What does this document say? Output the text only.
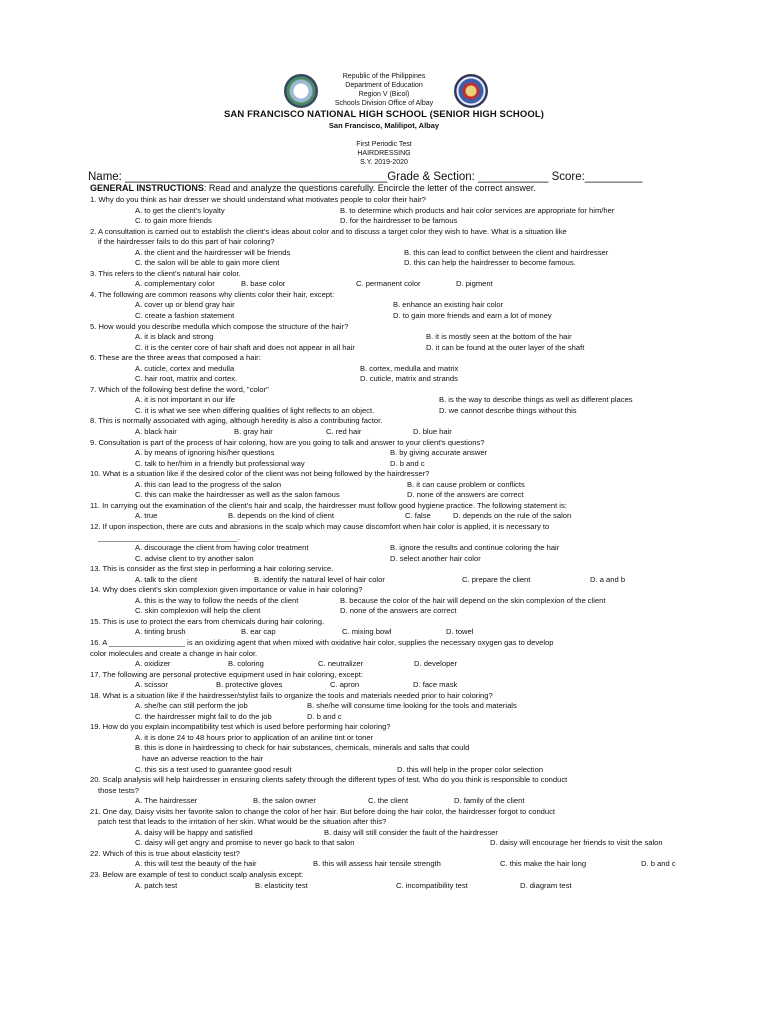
Republic of the Philippines
Department of Education
Region V (Bicol)
Schools Division Office of Albay
SAN FRANCISCO NATIONAL HIGH SCHOOL (SENIOR HIGH SCHOOL)
San Francisco, Malilipot, Albay
First Periodic Test
HAIRDRESSING
S.Y. 2019-2020
Name: _________________________________________Grade & Section: ___________ Score:_________
GENERAL INSTRUCTIONS: Read and analyze the questions carefully. Encircle the letter of the correct answer.
1. Why do you think as hair dresser we should understand what motivates people to color their hair?
A. to get the client's loyalty	B. to determine which products and hair color services are appropriate for him/her
C. to gain more friends	D. for the hairdresser to be famous
2. A consultation is carried out to establish the client's ideas about color and to discuss a target color they wish to have. What is a situation like
if the hairdresser fails to do this part of hair coloring?
A. the client and the hairdresser will be friends	B. this can lead to conflict between the client and hairdresser
C. the salon will be able to gain more client	D. this can help the hairdresser to become famous.
3. This refers to the client's natural hair color.
A. complementary color	B. base color	C. permanent color	D. pigment
4. The following are common reasons why clients color their hair, except:
A. cover up or blend gray hair	B. enhance an existing hair color
C. create a fashion statement	D. to gain more friends and earn a lot of money
5. How would you describe medulla which compose the structure of the hair?
A. it is black and strong	B. it is mostly seen at the bottom of the hair
C. it is the center core of hair shaft and does not appear in all hair	D. it can be found at the outer layer of the shaft
6. These are the three areas that composed a hair:
A. cuticle, cortex and medulla	B. cortex, medulla and matrix
C. hair root, matrix and cortex.	D. cuticle, matrix and strands
7. Which of the following best define the word, "color"
A. it is not important in our life	B. is the way to describe things as well as different places
C. it is what we see when differing qualities of light reflects to an object.	D. we cannot describe things without this
8. This is normally associated with aging, although heredity is also a contributing factor.
A. black hair	B. gray hair	C. red hair	D. blue hair
9. Consultation is part of the process of hair coloring, how are you going to talk and answer to your client's questions?
A. by means of ignoring his/her questions	B. by giving accurate answer
C. talk to her/him in a friendly but professional way	D. b and c
10. What is a situation like if the desired color of the client was not being followed by the hairdresser?
A. this can lead to the progress of the salon	B. it can cause problem or conflicts
C. this can make the hairdresser as well as the salon famous	D. none of the answers are correct
11. In carrying out the examination of the client's hair and scalp, the hairdresser must follow good hygiene practice. The following statement is:
A. true	B. depends on the kind of client	C. false	D. depends on the rule of the salon
12. If upon inspection, there are cuts and abrasions in the scalp which may cause discomfort when hair color is applied, it is necessary to
_________________________________.
A. discourage the client from having color treatment	B. ignore the results and continue coloring the hair
C. advise client to try another salon	D. select another hair color
13. This is consider as the first step in performing a hair coloring service.
A. talk to the client	B. identify the natural level of hair color	C. prepare the client	D. a and b
14. Why does client's skin complexion given importance or value in hair coloring?
A. this is the way to follow the needs of the client	B. because the color of the hair will depend on the skin complexion of the client
C. skin complexion will help the client	D. none of the answers are correct
15. This is use to protect the ears from chemicals during hair coloring.
A. tinting brush	B. ear cap	C. mixing bowl	D. towel
16. A __________________ is an oxidizing agent that when mixed with oxidative hair color, supplies the necessary oxygen gas to develop
color molecules and create a change in hair color.
A. oxidizer	B. coloring	C. neutralizer	D. developer
17. The following are personal protective equipment used in hair coloring, except:
A. scissor	B. protective gloves	C. apron	D. face mask
18. What is a situation like if the hairdresser/stylist fails to organize the tools and materials needed prior to hair coloring?
A. she/he can still perform the job	B. she/he will consume time looking for the tools and materials
C. the hairdresser might fail to do the job	D. b and c
19. How do you explain incompatibility test which is used before performing hair coloring?
A. it is done 24 to 48 hours prior to application of an aniline tint or toner
B. this is done in hairdressing to check for hair substances, chemicals, minerals and salts that could
have an adverse reaction to the hair
C. this sis a test used to guarantee good result	D. this will help in the proper color selection
20. Scalp analysis will help hairdresser in ensuring clients safety through the different types of test. Who do you think is responsible to conduct
those tests?
A. The hairdresser	B. the salon owner	C. the client	D. family of the client
21. One day, Daisy visits her favorite salon to change the color of her hair. But before doing the hair color, the hairdresser forgot to conduct
patch test that leads to the irritation of her skin. What would be the situation after this?
A. daisy will be happy and satisfied	B. daisy will still consider the fault of the hairdresser
C. daisy will get angry and promise to never go back to that salon	D. daisy will encourage her friends to visit the salon
22. Which of this is true about elasticity test?
A. this will test the beauty of the hair	B. this will assess hair tensile strength	C. this make the hair long	D. b and c
23. Below are example of test to conduct scalp analysis except:
A. patch test	B. elasticity test	C. incompatibility test	D. diagram test
